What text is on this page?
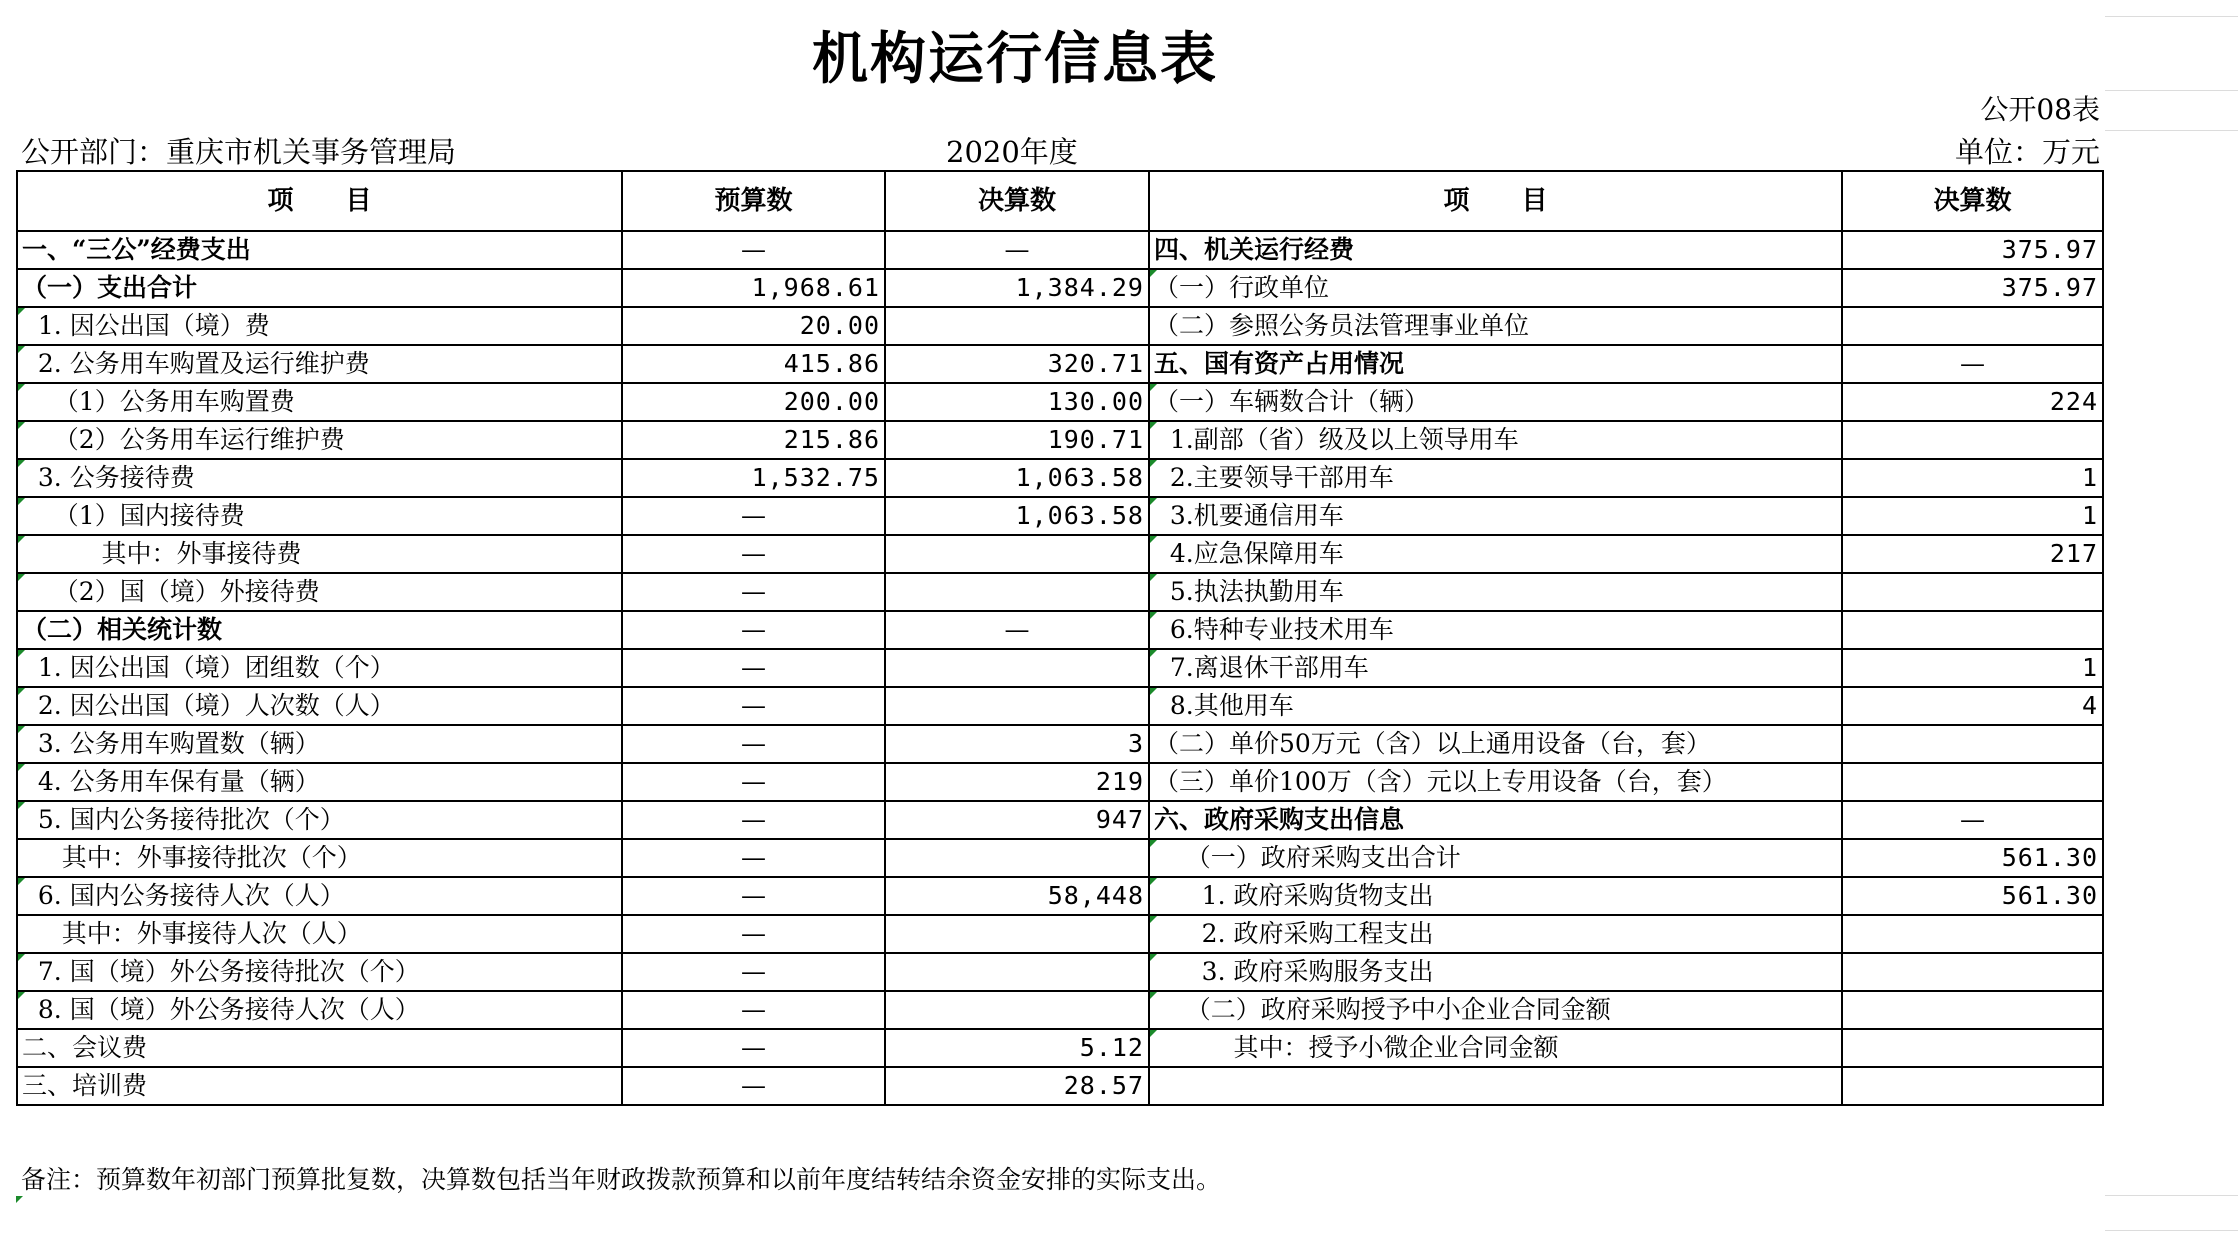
机构运行信息表
公开08表
公开部门：重庆市机关事务管理局	2020年度	单位：万元
项　　目	预算数	决算数	项　　目	决算数
一、“三公”经费支出	—	—	四、机关运行经费	375.97
（一）支出合计	1,968.61	1,384.29	（一）行政单位	375.97
1. 因公出国（境）费	20.00		（二）参照公务员法管理事业单位	
2. 公务用车购置及运行维护费	415.86	320.71	五、国有资产占用情况	—
（1）公务用车购置费	200.00	130.00	（一）车辆数合计（辆）	224
（2）公务用车运行维护费	215.86	190.71	1.副部（省）级及以上领导用车	
3. 公务接待费	1,532.75	1,063.58	2.主要领导干部用车	1
（1）国内接待费	—	1,063.58	3.机要通信用车	1
其中：外事接待费	—		4.应急保障用车	217
（2）国（境）外接待费	—		5.执法执勤用车	
（二）相关统计数	—	—	6.特种专业技术用车	
1. 因公出国（境）团组数（个）	—		7.离退休干部用车	1
2. 因公出国（境）人次数（人）	—		8.其他用车	4
3. 公务用车购置数（辆）	—	3	（二）单价50万元（含）以上通用设备（台，套）	
4. 公务用车保有量（辆）	—	219	（三）单价100万（含）元以上专用设备（台，套）	
5. 国内公务接待批次（个）	—	947	六、政府采购支出信息	—
其中：外事接待批次（个）	—		（一）政府采购支出合计	561.30
6. 国内公务接待人次（人）	—	58,448	1. 政府采购货物支出	561.30
其中：外事接待人次（人）	—		2. 政府采购工程支出	
7. 国（境）外公务接待批次（个）	—		3. 政府采购服务支出	
8. 国（境）外公务接待人次（人）	—		（二）政府采购授予中小企业合同金额	
二、会议费	—	5.12	其中：授予小微企业合同金额	
三、培训费	—	28.57		
备注：预算数年初部门预算批复数，决算数包括当年财政拨款预算和以前年度结转结余资金安排的实际支出。
